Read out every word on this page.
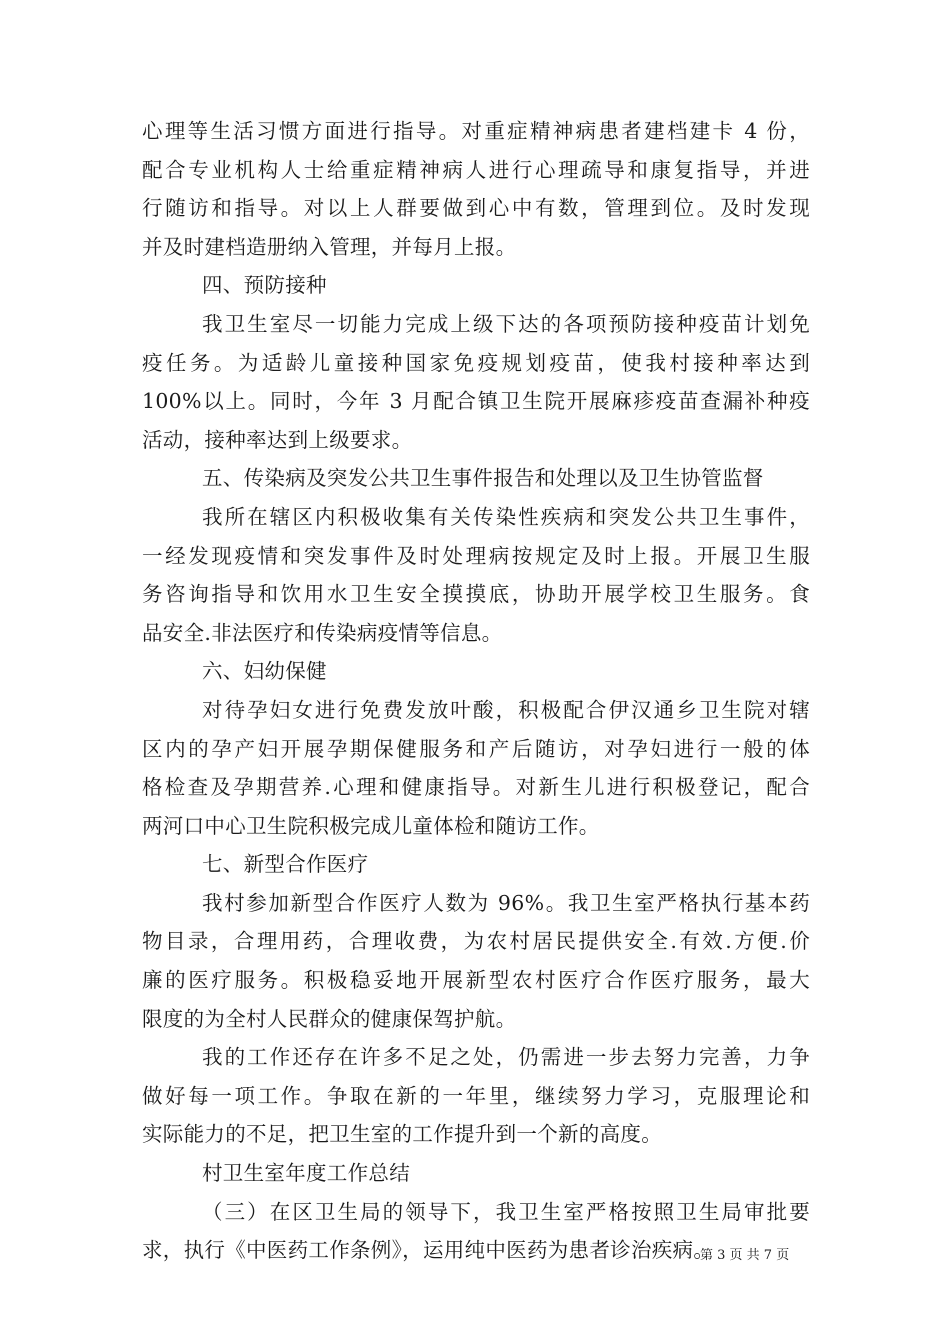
心理等生活习惯方面进行指导。对重症精神病患者建档建卡 4 份，
配合专业机构人士给重症精神病人进行心理疏导和康复指导，并进
行随访和指导。对以上人群要做到心中有数，管理到位。及时发现
并及时建档造册纳入管理，并每月上报。
四、预防接种
我卫生室尽一切能力完成上级下达的各项预防接种疫苗计划免
疫任务。为适龄儿童接种国家免疫规划疫苗，使我村接种率达到
100%以上。同时，今年 3 月配合镇卫生院开展麻疹疫苗查漏补种疫
活动，接种率达到上级要求。
五、传染病及突发公共卫生事件报告和处理以及卫生协管监督
我所在辖区内积极收集有关传染性疾病和突发公共卫生事件，
一经发现疫情和突发事件及时处理病按规定及时上报。开展卫生服
务咨询指导和饮用水卫生安全摸摸底，协助开展学校卫生服务。食
品安全.非法医疗和传染病疫情等信息。
六、妇幼保健
对待孕妇女进行免费发放叶酸，积极配合伊汉通乡卫生院对辖
区内的孕产妇开展孕期保健服务和产后随访，对孕妇进行一般的体
格检查及孕期营养.心理和健康指导。对新生儿进行积极登记，配合
两河口中心卫生院积极完成儿童体检和随访工作。
七、新型合作医疗
我村参加新型合作医疗人数为 96%。我卫生室严格执行基本药
物目录，合理用药，合理收费，为农村居民提供安全.有效.方便.价
廉的医疗服务。积极稳妥地开展新型农村医疗合作医疗服务，最大
限度的为全村人民群众的健康保驾护航。
我的工作还存在许多不足之处，仍需进一步去努力完善，力争
做好每一项工作。争取在新的一年里，继续努力学习，克服理论和
实际能力的不足，把卫生室的工作提升到一个新的高度。
村卫生室年度工作总结
（三）在区卫生局的领导下，我卫生室严格按照卫生局审批要
求，执行《中医药工作条例》，运用纯中医药为患者诊治疾病。
第 3 页 共 7 页
